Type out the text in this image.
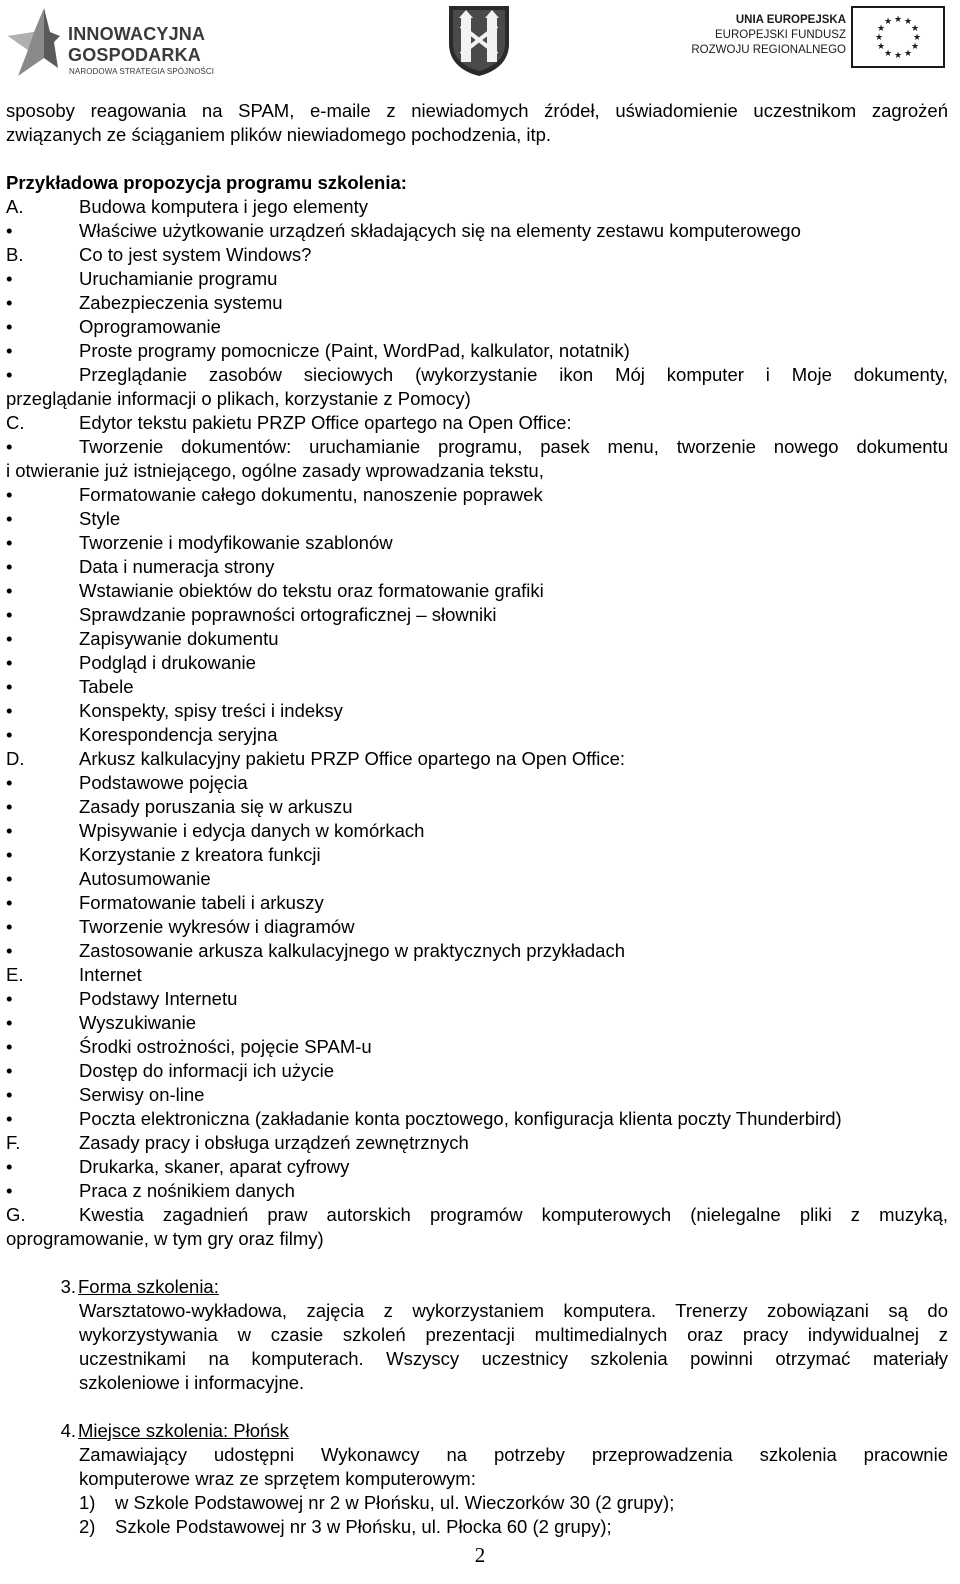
INNOWACYJNA
GOSPODARKA
NARODOWA STRATEGIA SPÓJNOŚCI
UNIA EUROPEJSKA
EUROPEJSKI FUNDUSZ
ROZWOJU REGIONALNEGO
★ ★
★
★
★
★
★
★
★
★
★
★
sposoby reagowania na SPAM, e-maile z niewiadomych źródeł, uświadomienie uczestnikom zagrożeń
związanych ze ściąganiem plików niewiadomego pochodzenia, itp.
Przykładowa propozycja programu szkolenia:
A.	Budowa komputera i jego elementy
•	Właściwe użytkowanie urządzeń składających się na elementy zestawu komputerowego
B.	Co to jest system Windows?
•	Uruchamianie programu
•	Zabezpieczenia systemu
•	Oprogramowanie
•	Proste programy pomocnicze (Paint, WordPad, kalkulator, notatnik)
•	Przeglądanie zasobów sieciowych (wykorzystanie ikon Mój komputer i Moje dokumenty,
przeglądanie informacji o plikach, korzystanie z Pomocy)
C.	Edytor tekstu pakietu PRZP Office opartego na Open Office:
•	Tworzenie dokumentów: uruchamianie programu, pasek menu, tworzenie nowego dokumentu
i otwieranie już istniejącego, ogólne zasady wprowadzania tekstu,
•	Formatowanie całego dokumentu, nanoszenie poprawek
•	Style
•	Tworzenie i modyfikowanie szablonów
•	Data i numeracja strony
•	Wstawianie obiektów do tekstu oraz formatowanie grafiki
•	Sprawdzanie poprawności ortograficznej – słowniki
•	Zapisywanie dokumentu
•	Podgląd i drukowanie
•	Tabele
•	Konspekty, spisy treści i indeksy
•	Korespondencja seryjna
D.	Arkusz kalkulacyjny pakietu PRZP Office opartego na Open Office:
•	Podstawowe pojęcia
•	Zasady poruszania się w arkuszu
•	Wpisywanie i edycja danych w komórkach
•	Korzystanie z kreatora funkcji
•	Autosumowanie
•	Formatowanie tabeli i arkuszy
•	Tworzenie wykresów i diagramów
•	Zastosowanie arkusza kalkulacyjnego w praktycznych przykładach
E.	Internet
•	Podstawy Internetu
•	Wyszukiwanie
•	Środki ostrożności, pojęcie SPAM-u
•	Dostęp do informacji ich użycie
•	Serwisy on-line
•	Poczta elektroniczna (zakładanie konta pocztowego, konfiguracja klienta poczty Thunderbird)
F.	Zasady pracy i obsługa urządzeń zewnętrznych
•	Drukarka, skaner, aparat cyfrowy
•	Praca z nośnikiem danych
G.	Kwestia zagadnień praw autorskich programów komputerowych (nielegalne pliki z muzyką,
oprogramowanie, w tym gry oraz filmy)
3. Forma szkolenia:
Warsztatowo-wykładowa, zajęcia z wykorzystaniem komputera. Trenerzy zobowiązani są do
wykorzystywania w czasie szkoleń prezentacji multimedialnych oraz pracy indywidualnej z
uczestnikami na komputerach. Wszyscy uczestnicy szkolenia powinni otrzymać materiały
szkoleniowe i informacyjne.
4. Miejsce szkolenia: Płońsk
Zamawiający udostępni Wykonawcy na potrzeby przeprowadzenia szkolenia pracownie
komputerowe wraz ze sprzętem komputerowym:
1) w Szkole Podstawowej nr 2 w Płońsku, ul. Wieczorków 30 (2 grupy);
2) Szkole Podstawowej nr 3 w Płońsku, ul. Płocka 60 (2 grupy);
2
